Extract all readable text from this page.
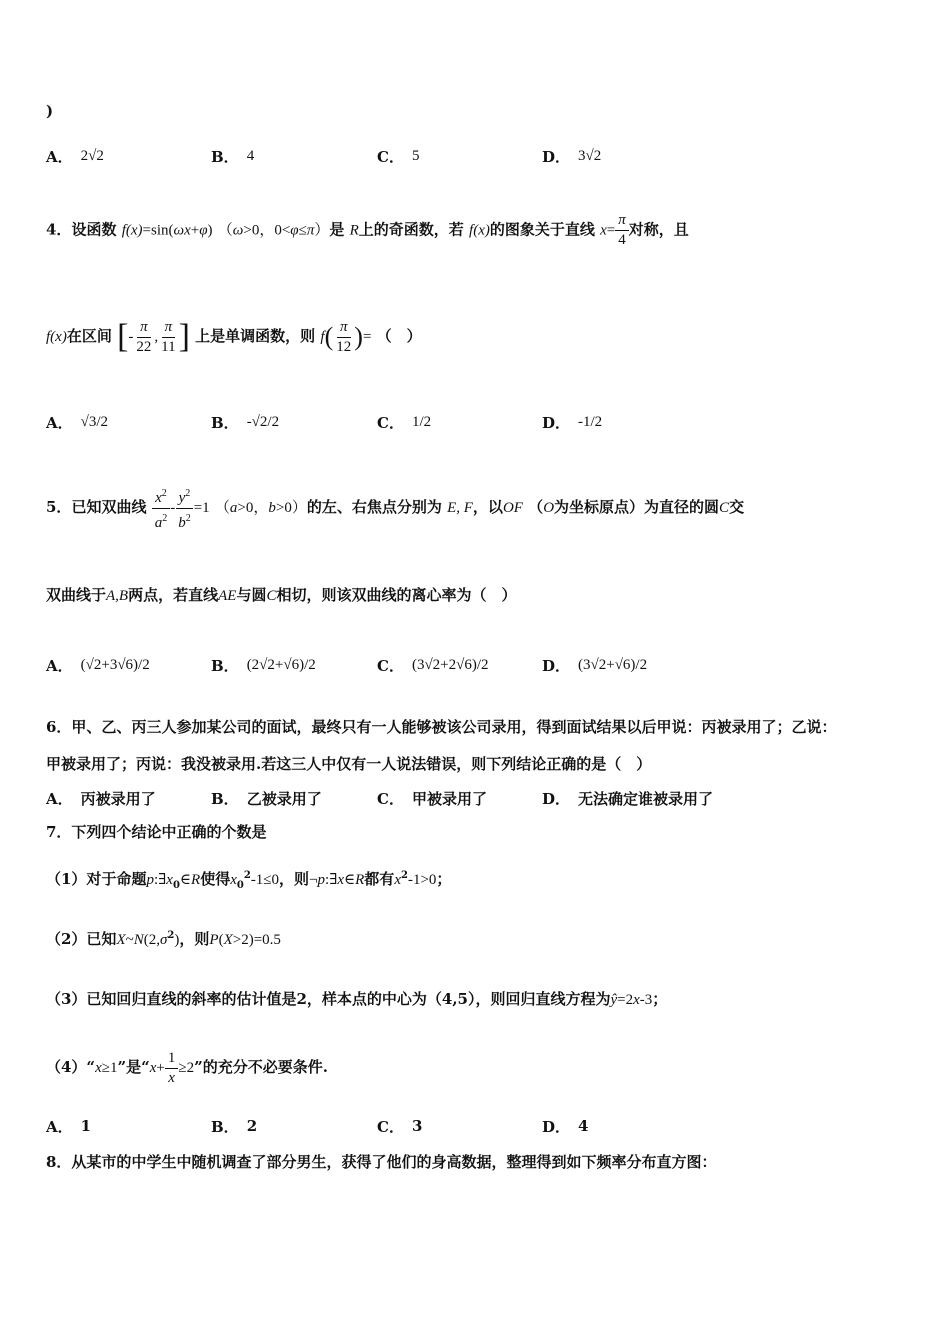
)
A． 2√2	B． 4	C． 5	D． 3√2
4．设函数 f(x)=sin(ωx+φ) （ω>0，0<φ≤π）是 R上的奇函数，若 f(x)的图象关于直线 $x= \frac{\pi}{4}$ 对称，且
f(x)在区间 [- $\frac{\pi}{22}$ , $\frac{\pi}{11}$ ] 上是单调函数，则 $f( \frac{\pi}{12}$ )= （　）
A． √3/2	B． -√2/2	C． 1/2	D． -1/2
5．已知双曲线 $\frac{x^2}{a^2} - \frac{y^2}{b^2} =1$ （a>0，b>0）的左、右焦点分别为 E, F，以OF （O为坐标原点）为直径的圆C交
双曲线于A,B两点，若直线AE与圆C相切，则该双曲线的离心率为（　）
A． (√2+3√6)/2	B． (2√2+√6)/2	C． (3√2+2√6)/2	D． (3√2+√6)/2
6．甲、乙、丙三人参加某公司的面试，最终只有一人能够被该公司录用，得到面试结果以后甲说：丙被录用了；乙说：
甲被录用了；丙说：我没被录用.若这三人中仅有一人说法错误，则下列结论正确的是（　）
A． 丙被录用了	B． 乙被录用了	C． 甲被录用了	D． 无法确定谁被录用了
7．下列四个结论中正确的个数是
（1）对于命题$p:\exists x_0\in R$使得$x_0^2-1\le 0$，则¬p:∃x∈R都有$x^2-1>0$；
（2）已知$X\sim N(2,\sigma^2)$，则P(X>2)=0.5
（3）已知回归直线的斜率的估计值是2，样本点的中心为（4,5），则回归直线方程为ŷ=2x-3；
（4）“x≥1”是“$x+ \frac{1}{x} \ge 2$”的充分不必要条件.
A． 1	B． 2	C． 3	D． 4
8．从某市的中学生中随机调查了部分男生，获得了他们的身高数据，整理得到如下频率分布直方图：
